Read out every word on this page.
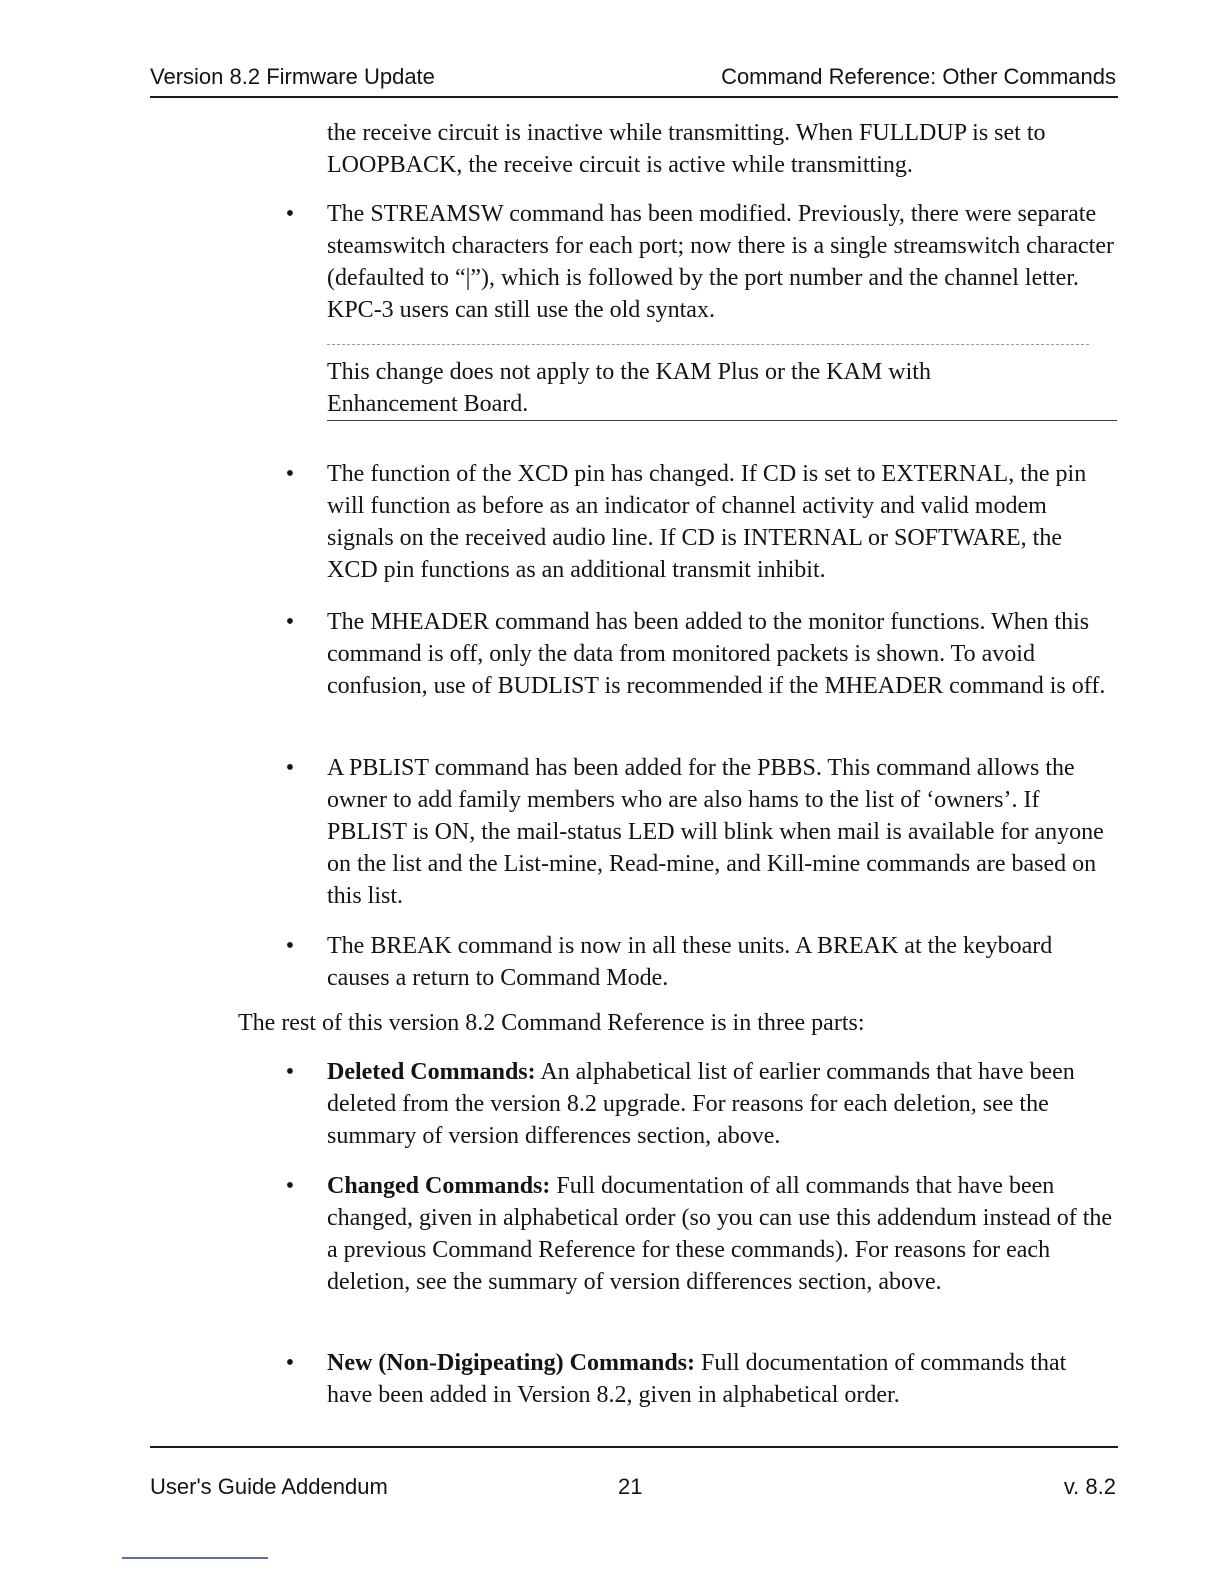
Version 8.2 Firmware Update	Command Reference: Other Commands

the receive circuit is inactive while transmitting. When FULLDUP is set to LOOPBACK, the receive circuit is active while transmitting.

• The STREAMSW command has been modified. Previously, there were separate steamswitch characters for each port; now there is a single streamswitch character (defaulted to “|”), which is followed by the port number and the channel letter. KPC-3 users can still use the old syntax.

This change does not apply to the KAM Plus or the KAM with Enhancement Board.

• The function of the XCD pin has changed. If CD is set to EXTERNAL, the pin will function as before as an indicator of channel activity and valid modem signals on the received audio line. If CD is INTERNAL or SOFTWARE, the XCD pin functions as an additional transmit inhibit.
• The MHEADER command has been added to the monitor functions. When this command is off, only the data from monitored packets is shown. To avoid confusion, use of BUDLIST is recommended if the MHEADER command is off.
• A PBLIST command has been added for the PBBS. This command allows the owner to add family members who are also hams to the list of ‘owners’. If PBLIST is ON, the mail-status LED will blink when mail is available for anyone on the list and the List-mine, Read-mine, and Kill-mine commands are based on this list.
• The BREAK command is now in all these units. A BREAK at the keyboard causes a return to Command Mode.

The rest of this version 8.2 Command Reference is in three parts:

• Deleted Commands: An alphabetical list of earlier commands that have been deleted from the version 8.2 upgrade. For reasons for each deletion, see the summary of version differences section, above.
• Changed Commands: Full documentation of all commands that have been changed, given in alphabetical order (so you can use this addendum instead of the a previous Command Reference for these commands). For reasons for each deletion, see the summary of version differences section, above.
• New (Non-Digipeating) Commands: Full documentation of commands that have been added in Version 8.2, given in alphabetical order.
User's Guide Addendum	21	v. 8.2
